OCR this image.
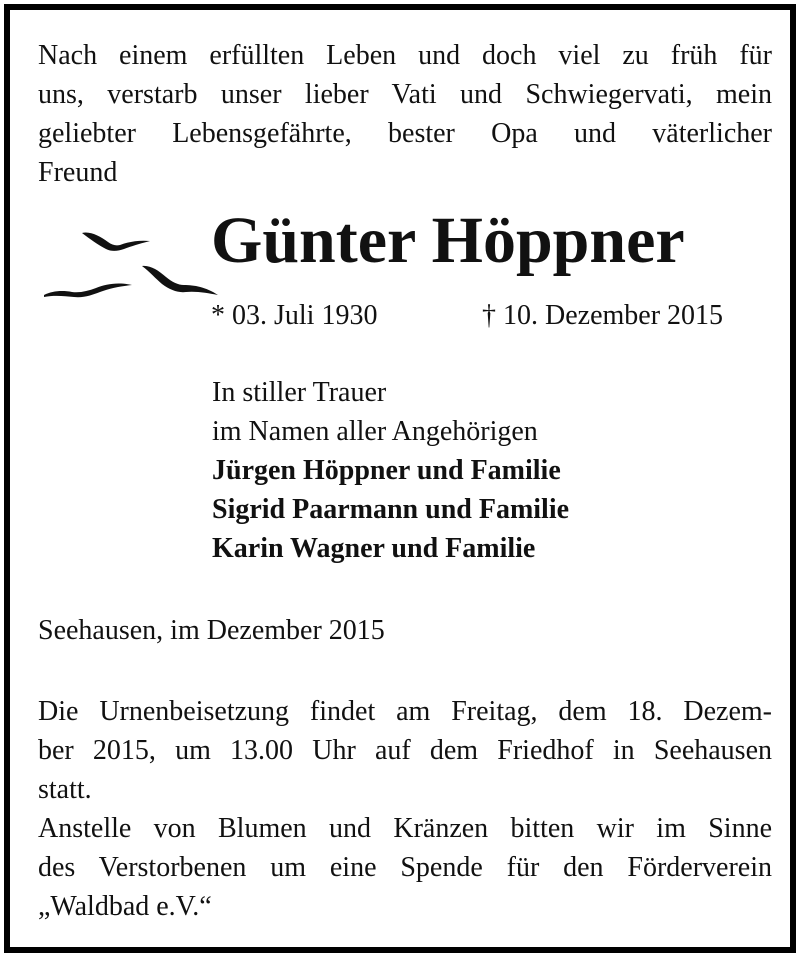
Nach einem erfüllten Leben und doch viel zu früh für
uns, verstarb unser lieber Vati und Schwiegervati, mein
geliebter Lebensgefährte, bester Opa und väterlicher
Freund
Günter Höppner
* 03. Juli 1930	† 10. Dezember 2015
In stiller Trauer
im Namen aller Angehörigen
Jürgen Höppner und Familie
Sigrid Paarmann und Familie
Karin Wagner und Familie
Seehausen, im Dezember 2015
Die Urnenbeisetzung findet am Freitag, dem 18. Dezem-
ber 2015, um 13.00 Uhr auf dem Friedhof in Seehausen
statt.
Anstelle von Blumen und Kränzen bitten wir im Sinne
des Verstorbenen um eine Spende für den Förderverein
„Waldbad e.V.“
